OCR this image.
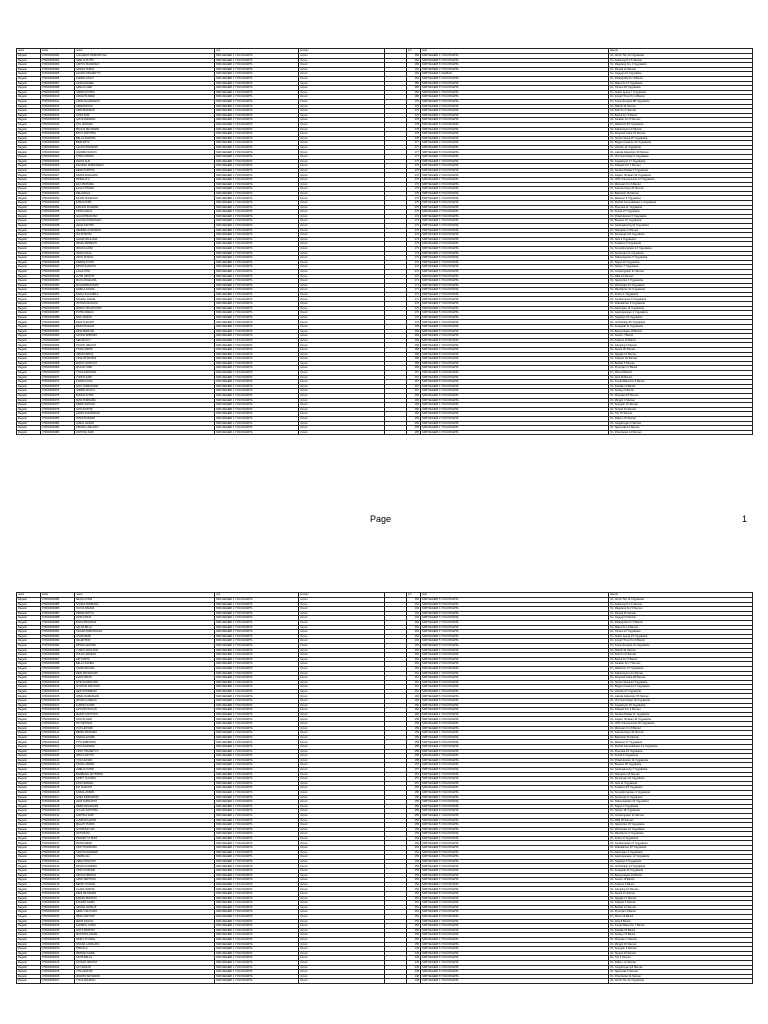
Jenis	Kode	nama	unit	jurusan		jml	asal	alamat
Reguler	070010000001	A RAHMAT FIRMANSYAH	SMA NEGERI 1 YOGYAKARTA	Umum		183	SMP NEGERI 1 YOGYAKARTA	Jln. Cik Di Tiro 10 Yogyakarta
Reguler	070010000002	ADELIA PUTRI	SMA NEGERI 1 YOGYAKARTA	Umum		182	SMP NEGERI 5 YOGYAKARTA	Jln. Kaliurang Km 5 Sleman
Reguler	070010000003	ADITYA NUGROHO	SMA NEGERI 1 YOGYAKARTA	Umum		182	SMP NEGERI 8 YOGYAKARTA	Jln. Magelang Km 4 Yogyakarta
Reguler	070010000004	AFIFAH NURUL	SMA NEGERI 1 YOGYAKARTA	Umum		181	SMP NEGERI 2 YOGYAKARTA	Jln. Monjali 12 Sleman
Reguler	070010000005	AGUNG PRASETYO	SMA NEGERI 1 YOGYAKARTA	Umum		181	SMP NEGERI 1 SLEMAN	Jln. Gejayan 21 Yogyakarta
Reguler	070010000006	AHMAD FAUZI	SMA NEGERI 1 YOGYAKARTA	Umum		181	SMP NEGERI 5 YOGYAKARTA	Jln. Parangtritis Km 3 Bantul
Reguler	070010000007	ALIFIA RAHMA	SMA NEGERI 1 YOGYAKARTA	Umum		180	SMP NEGERI 4 YOGYAKARTA	Jln. Wates Km 2 Yogyakarta
Reguler	070010000008	AMALIA SARI	SMA NEGERI 1 YOGYAKARTA	Umum		180	SMP NEGERI 8 YOGYAKARTA	Jln. Timoho 45 Yogyakarta
Reguler	070010000009	ANDIKA PUTRA	SMA NEGERI 1 YOGYAKARTA	Umum		180	SMP NEGERI 1 YOGYAKARTA	Jln. Sultan Agung 7 Yogyakarta
Reguler	070010000010	ANGGITA DEWI	SMA NEGERI 1 YOGYAKARTA	Umum		180	SMP NEGERI 6 YOGYAKARTA	Jln. Imogiri Timur Km 4 Bantul
Reguler	070010000011	ANISA RAHMAWATI	SMA NEGERI 1 YOGYAKARTA	Umum		179	SMP NEGERI 5 YOGYAKARTA	Jln. Kusumanegara 88 Yogyakarta
Reguler	070010000012	ARDIANSYAH	SMA NEGERI 1 YOGYAKARTA	Umum		179	SMP NEGERI 2 YOGYAKARTA	Jln. Affandi 10 Sleman
Reguler	070010000013	ARIF BUDIMAN	SMA NEGERI 1 YOGYAKARTA	Umum		179	SMP NEGERI 8 YOGYAKARTA	Jln. Solo Km 6 Sleman
Reguler	070010000014	ATIKA NUR	SMA NEGERI 1 YOGYAKARTA	Umum		179	SMP NEGERI 1 YOGYAKARTA	Jln. Bantul Km 3 Bantul
Reguler	070010000015	AULIA RAHMAN	SMA NEGERI 1 YOGYAKARTA	Umum		178	SMP NEGERI 9 YOGYAKARTA	Jln. Godean Km 5 Sleman
Reguler	070010000016	AYU LESTARI	SMA NEGERI 1 YOGYAKARTA	Umum		178	SMP NEGERI 5 YOGYAKARTA	Jln. Malioboro 50 Yogyakarta
Reguler	070010000017	BAGUS SETIAWAN	SMA NEGERI 1 YOGYAKARTA	Umum		178	SMP NEGERI 4 YOGYAKARTA	Jln. Kaliurang Km 9 Sleman
Reguler	070010000018	BAYU SAPUTRA	SMA NEGERI 1 YOGYAKARTA	Umum		178	SMP NEGERI 8 YOGYAKARTA	Jln. Ringroad Utara 15 Sleman
Reguler	070010000019	BELLA AMANDA	SMA NEGERI 1 YOGYAKARTA	Umum		178	SMP NEGERI 1 YOGYAKARTA	Jln. Taman Siswa 30 Yogyakarta
Reguler	070010000020	BIMA ARYA	SMA NEGERI 1 YOGYAKARTA	Umum		177	SMP NEGERI 2 YOGYAKARTA	Jln. Brigjen Katamso 22 Yogyakarta
Reguler	070010000021	CAHYA NINGRUM	SMA NEGERI 1 YOGYAKARTA	Umum		177	SMP NEGERI 5 YOGYAKARTA	Jln. Veteran 14 Yogyakarta
Reguler	070010000022	CANDRA WIJAYA	SMA NEGERI 1 YOGYAKARTA	Umum		177	SMP NEGERI 8 YOGYAKARTA	Jln. Laksda Adisucipto 40 Sleman
Reguler	070010000023	CITRA KIRANA	SMA NEGERI 1 YOGYAKARTA	Umum		177	SMP NEGERI 3 YOGYAKARTA	Jln. Urip Sumoharjo 9 Yogyakarta
Reguler	070010000024	DAFFA ALIF	SMA NEGERI 1 YOGYAKARTA	Umum		177	SMP NEGERI 1 YOGYAKARTA	Jln. Jogokaryan 17 Yogyakarta
Reguler	070010000025	DANANG KURNIAWAN	SMA NEGERI 1 YOGYAKARTA	Umum		176	SMP NEGERI 5 YOGYAKARTA	Jln. Palagan Km 7 Sleman
Reguler	070010000026	DEWI KARTIKA	SMA NEGERI 1 YOGYAKARTA	Umum		176	SMP NEGERI 8 YOGYAKARTA	Jln. Tentara Pelajar 5 Yogyakarta
Reguler	070010000027	DIMAS ANGGARA	SMA NEGERI 1 YOGYAKARTA	Umum		176	SMP NEGERI 2 YOGYAKARTA	Jln. Kapten Tendean 33 Yogyakarta
Reguler	070010000028	DINDA AYU	SMA NEGERI 1 YOGYAKARTA	Umum		176	SMP NEGERI 1 YOGYAKARTA	Jln. HOS Cokroaminoto 12 Yogyakarta
Reguler	070010000029	EKA PRATAMA	SMA NEGERI 1 YOGYAKARTA	Umum		176	SMP NEGERI 4 YOGYAKARTA	Jln. Wonosari Km 6 Bantul
Reguler	070010000030	ELSA FITRIANI	SMA NEGERI 1 YOGYAKARTA	Umum		175	SMP NEGERI 5 YOGYAKARTA	Jln. Seturan Raya 20 Sleman
Reguler	070010000031	ERLANGGA	SMA NEGERI 1 YOGYAKARTA	Umum		175	SMP NEGERI 8 YOGYAKARTA	Jln. Babarsari 18 Sleman
Reguler	070010000032	FAJAR NUGRAHA	SMA NEGERI 1 YOGYAKARTA	Umum		175	SMP NEGERI 1 YOGYAKARTA	Jln. Mataram 8 Yogyakarta
Reguler	070010000033	FARAH DIBA	SMA NEGERI 1 YOGYAKARTA	Umum		175	SMP NEGERI 6 YOGYAKARTA	Jln. Perintis Kemerdekaan 4 Yogyakarta
Reguler	070010000034	FATHUR ROHMAN	SMA NEGERI 1 YOGYAKARTA	Umum		175	SMP NEGERI 5 YOGYAKARTA	Jln. Pramuka 11 Yogyakarta
Reguler	070010000035	FIKRI HAIKAL	SMA NEGERI 1 YOGYAKARTA	Umum		174	SMP NEGERI 2 YOGYAKARTA	Jln. Kenari 27 Yogyakarta
Reguler	070010000036	GALIH PRAKOSO	SMA NEGERI 1 YOGYAKARTA	Umum		174	SMP NEGERI 8 YOGYAKARTA	Jln. Prawirotaman 6 Yogyakarta
Reguler	070010000037	GILANG RAMADHAN	SMA NEGERI 1 YOGYAKARTA	Umum		174	SMP NEGERI 1 YOGYAKARTA	Jln. Bugisan 19 Yogyakarta
Reguler	070010000038	HANA SAFITRI	SMA NEGERI 1 YOGYAKARTA	Umum		174	SMP NEGERI 4 YOGYAKARTA	Jln. Gedongkuning 24 Yogyakarta
Reguler	070010000039	HENDRA GUNAWAN	SMA NEGERI 1 YOGYAKARTA	Umum		174	SMP NEGERI 5 YOGYAKARTA	Jln. Nologaten 3 Sleman
Reguler	070010000040	IKA PUSPITA	SMA NEGERI 1 YOGYAKARTA	Umum		173	SMP NEGERI 8 YOGYAKARTA	Jln. Demangan 15 Yogyakarta
Reguler	070010000041	ILHAM MAULANA	SMA NEGERI 1 YOGYAKARTA	Umum		173	SMP NEGERI 1 YOGYAKARTA	Jln. Jetis 2 Yogyakarta
Reguler	070010000042	INDAH PERMATA	SMA NEGERI 1 YOGYAKARTA	Umum		173	SMP NEGERI 3 YOGYAKARTA	Jln. Kotabaru 9 Yogyakarta
Reguler	070010000043	IRFAN HAKIM	SMA NEGERI 1 YOGYAKARTA	Umum		173	SMP NEGERI 5 YOGYAKARTA	Jln. Suryodiningratan 13 Yogyakarta
Reguler	070010000044	JIHAN AULIA	SMA NEGERI 1 YOGYAKARTA	Umum		173	SMP NEGERI 2 YOGYAKARTA	Jln. Sorosutan 21 Yogyakarta
Reguler	070010000045	JOKO SUSILO	SMA NEGERI 1 YOGYAKARTA	Umum		172	SMP NEGERI 8 YOGYAKARTA	Jln. Pakuningratan 5 Yogyakarta
Reguler	070010000046	KARINA PUTRI	SMA NEGERI 1 YOGYAKARTA	Umum		172	SMP NEGERI 1 YOGYAKARTA	Jln. Sagan 16 Yogyakarta
Reguler	070010000047	KEVIN SANJAYA	SMA NEGERI 1 YOGYAKARTA	Umum		172	SMP NEGERI 4 YOGYAKARTA	Jln. Terban 7 Yogyakarta
Reguler	070010000048	LAILA FITRI	SMA NEGERI 1 YOGYAKARTA	Umum		172	SMP NEGERI 5 YOGYAKARTA	Jln. Condongcatur 31 Sleman
Reguler	070010000049	LUTFI HIDAYAT	SMA NEGERI 1 YOGYAKARTA	Umum		172	SMP NEGERI 8 YOGYAKARTA	Jln. Mlati 12 Sleman
Reguler	070010000050	MAYA ANGELINA	SMA NEGERI 1 YOGYAKARTA	Umum		171	SMP NEGERI 1 YOGYAKARTA	Jln. Ngampilan 4 Yogyakarta
Reguler	070010000051	MUHAMMAD RIZKI	SMA NEGERI 1 YOGYAKARTA	Umum		171	SMP NEGERI 6 YOGYAKARTA	Jln. Wirobrajan 10 Yogyakarta
Reguler	070010000052	NABILA ZAHRA	SMA NEGERI 1 YOGYAKARTA	Umum		171	SMP NEGERI 5 YOGYAKARTA	Jln. Mantrijeron 22 Yogyakarta
Reguler	070010000053	NADIA SALSABILA	SMA NEGERI 1 YOGYAKARTA	Umum		171	SMP NEGERI 2 YOGYAKARTA	Jln. Kraton 1 Yogyakarta
Reguler	070010000054	NAUFAL FADHIL	SMA NEGERI 1 YOGYAKARTA	Umum		171	SMP NEGERI 8 YOGYAKARTA	Jln. Gondomanan 6 Yogyakarta
Reguler	070010000055	OKTAVIA RAHAYU	SMA NEGERI 1 YOGYAKARTA	Umum		170	SMP NEGERI 1 YOGYAKARTA	Jln. Pakualaman 8 Yogyakarta
Reguler	070010000056	PANDU WICAKSONO	SMA NEGERI 1 YOGYAKARTA	Umum		170	SMP NEGERI 4 YOGYAKARTA	Jln. Danurejan 14 Yogyakarta
Reguler	070010000057	PUTRI AMELIA	SMA NEGERI 1 YOGYAKARTA	Umum		170	SMP NEGERI 5 YOGYAKARTA	Jln. Gedongtengen 3 Yogyakarta
Reguler	070010000058	RAFI AHMAD	SMA NEGERI 1 YOGYAKARTA	Umum		170	SMP NEGERI 8 YOGYAKARTA	Jln. Tegalrejo 19 Yogyakarta
Reguler	070010000059	RANI SUSANTI	SMA NEGERI 1 YOGYAKARTA	Umum		170	SMP NEGERI 1 YOGYAKARTA	Jln. Umbulharjo 25 Yogyakarta
Reguler	070010000060	REZA PAHLEVI	SMA NEGERI 1 YOGYAKARTA	Umum		169	SMP NEGERI 3 YOGYAKARTA	Jln. Kotagede 11 Yogyakarta
Reguler	070010000061	RINA MARLINA	SMA NEGERI 1 YOGYAKARTA	Umum		169	SMP NEGERI 5 YOGYAKARTA	Jln. Banguntapan 28 Bantul
Reguler	070010000062	SATRIA WIBOWO	SMA NEGERI 1 YOGYAKARTA	Umum		169	SMP NEGERI 2 YOGYAKARTA	Jln. Sewon 7 Bantul
Reguler	070010000063	SEKAR AYU	SMA NEGERI 1 YOGYAKARTA	Umum		169	SMP NEGERI 8 YOGYAKARTA	Jln. Kasihan 16 Bantul
Reguler	070010000064	TAUFIK HIDAYAT	SMA NEGERI 1 YOGYAKARTA	Umum		169	SMP NEGERI 1 YOGYAKARTA	Jln. Gamping 9 Sleman
Reguler	070010000065	TIARA ANDINI	SMA NEGERI 1 YOGYAKARTA	Umum		168	SMP NEGERI 4 YOGYAKARTA	Jln. Depok 30 Sleman
Reguler	070010000066	UMAR FARUQ	SMA NEGERI 1 YOGYAKARTA	Umum		168	SMP NEGERI 5 YOGYAKARTA	Jln. Ngaglik 13 Sleman
Reguler	070010000067	VINA OKTAVIANI	SMA NEGERI 1 YOGYAKARTA	Umum		168	SMP NEGERI 8 YOGYAKARTA	Jln. Kalasan 20 Sleman
Reguler	070010000068	WAHYU HIDAYAT	SMA NEGERI 1 YOGYAKARTA	Umum		168	SMP NEGERI 1 YOGYAKARTA	Jln. Berbah 5 Sleman
Reguler	070010000069	WULAN SARI	SMA NEGERI 1 YOGYAKARTA	Umum		168	SMP NEGERI 6 YOGYAKARTA	Jln. Piyungan 17 Bantul
Reguler	070010000070	YOGA PRATAMA	SMA NEGERI 1 YOGYAKARTA	Umum		167	SMP NEGERI 5 YOGYAKARTA	Jln. Pleret 8 Bantul
Reguler	070010000071	YUNITA SARI	SMA NEGERI 1 YOGYAKARTA	Umum		167	SMP NEGERI 2 YOGYAKARTA	Jln. Jetis 26 Bantul
Reguler	070010000072	ZAHRA AULIA	SMA NEGERI 1 YOGYAKARTA	Umum		167	SMP NEGERI 8 YOGYAKARTA	Jln. Imogiri Barat Km 5 Bantul
Reguler	070010000073	ZAKY RAMADHAN	SMA NEGERI 1 YOGYAKARTA	Umum		167	SMP NEGERI 1 YOGYAKARTA	Jln. Pandak 12 Bantul
Reguler	070010000074	ANDRE WIJAYA	SMA NEGERI 1 YOGYAKARTA	Umum		167	SMP NEGERI 4 YOGYAKARTA	Jln. Sedayu 6 Bantul
Reguler	070010000075	BUNGA CITRA	SMA NEGERI 1 YOGYAKARTA	Umum		166	SMP NEGERI 5 YOGYAKARTA	Jln. Moyudan 18 Sleman
Reguler	070010000076	DIAN PURNAMA	SMA NEGERI 1 YOGYAKARTA	Umum		166	SMP NEGERI 8 YOGYAKARTA	Jln. Minggir 4 Sleman
Reguler	070010000077	FERDI ANSYAH	SMA NEGERI 1 YOGYAKARTA	Umum		166	SMP NEGERI 1 YOGYAKARTA	Jln. Seyegan 23 Sleman
Reguler	070010000078	GITA SAVITRI	SMA NEGERI 1 YOGYAKARTA	Umum		166	SMP NEGERI 3 YOGYAKARTA	Jln. Tempel 10 Sleman
Reguler	070010000079	HARIS MUNANDAR	SMA NEGERI 1 YOGYAKARTA	Umum		166	SMP NEGERI 5 YOGYAKARTA	Jln. Turi 15 Sleman
Reguler	070010000080	INTAN NURAINI	SMA NEGERI 1 YOGYAKARTA	Umum		165	SMP NEGERI 2 YOGYAKARTA	Jln. Pakem 29 Sleman
Reguler	070010000081	JAMAL HASAN	SMA NEGERI 1 YOGYAKARTA	Umum		165	SMP NEGERI 8 YOGYAKARTA	Jln. Cangkringan 3 Sleman
Reguler	070010000082	KIRANA LARASATI	SMA NEGERI 1 YOGYAKARTA	Umum		165	SMP NEGERI 1 YOGYAKARTA	Jln. Ngemplak 14 Sleman
Reguler	070010000083	LINTANG SARI	SMA NEGERI 1 YOGYAKARTA	Umum		165	SMP NEGERI 4 YOGYAKARTA	Jln. Prambanan 21 Sleman
Page	1
Jenis	Kode	nama	unit	jurusan		jml	asal	alamat
Reguler	070010000084	MEGA UTAMI	SMA NEGERI 1 YOGYAKARTA	Umum		165	SMP NEGERI 5 YOGYAKARTA	Jln. Cik Di Tiro 12 Yogyakarta
Reguler	070010000085	NANDA PERMANA	SMA NEGERI 1 YOGYAKARTA	Umum		164	SMP NEGERI 8 YOGYAKARTA	Jln. Kaliurang Km 6 Sleman
Reguler	070010000086	OLIVIA RAHMA	SMA NEGERI 1 YOGYAKARTA	Umum		164	SMP NEGERI 1 YOGYAKARTA	Jln. Magelang Km 5 Sleman
Reguler	070010000087	PRIMA ADITYA	SMA NEGERI 1 YOGYAKARTA	Umum		164	SMP NEGERI 6 YOGYAKARTA	Jln. Monjali 20 Sleman
Reguler	070010000088	QORI AINUN	SMA NEGERI 1 YOGYAKARTA	Umum		164	SMP NEGERI 5 YOGYAKARTA	Jln. Gejayan 8 Sleman
Reguler	070010000089	RAKA PRADANA	SMA NEGERI 1 YOGYAKARTA	Umum		164	SMP NEGERI 2 YOGYAKARTA	Jln. Parangtritis Km 5 Bantul
Reguler	070010000090	SALSA BILLA	SMA NEGERI 1 YOGYAKARTA	Umum		163	SMP NEGERI 8 YOGYAKARTA	Jln. Wates Km 4 Sleman
Reguler	070010000091	TEGAR PAMUNGKAS	SMA NEGERI 1 YOGYAKARTA	Umum		163	SMP NEGERI 1 YOGYAKARTA	Jln. Timoho 12 Yogyakarta
Reguler	070010000092	UTARI DEWI	SMA NEGERI 1 YOGYAKARTA	Umum		163	SMP NEGERI 4 YOGYAKARTA	Jln. Sultan Agung 19 Yogyakarta
Reguler	070010000093	VALENTINO	SMA NEGERI 1 YOGYAKARTA	Umum		163	SMP NEGERI 5 YOGYAKARTA	Jln. Imogiri Timur Km 6 Bantul
Reguler	070010000094	WINDA LESTARI	SMA NEGERI 1 YOGYAKARTA	Umum		163	SMP NEGERI 8 YOGYAKARTA	Jln. Kusumanegara 41 Yogyakarta
Reguler	070010000095	YUSUF MAULANA	SMA NEGERI 1 YOGYAKARTA	Umum		162	SMP NEGERI 1 YOGYAKARTA	Jln. Affandi 33 Sleman
Reguler	070010000096	ZULFA HANIFAH	SMA NEGERI 1 YOGYAKARTA	Umum		162	SMP NEGERI 3 YOGYAKARTA	Jln. Solo Km 8 Sleman
Reguler	070010000097	ADI SURYA	SMA NEGERI 1 YOGYAKARTA	Umum		162	SMP NEGERI 5 YOGYAKARTA	Jln. Bantul Km 5 Bantul
Reguler	070010000098	BELLA SAFIRA	SMA NEGERI 1 YOGYAKARTA	Umum		162	SMP NEGERI 2 YOGYAKARTA	Jln. Godean Km 7 Sleman
Reguler	070010000099	CAKRA BUANA	SMA NEGERI 1 YOGYAKARTA	Umum		162	SMP NEGERI 8 YOGYAKARTA	Jln. Malioboro 72 Yogyakarta
Reguler	070010000100	DESI RATNASARI	SMA NEGERI 1 YOGYAKARTA	Umum		161	SMP NEGERI 1 YOGYAKARTA	Jln. Kaliurang Km 11 Sleman
Reguler	070010000101	EVAN DIMAS	SMA NEGERI 1 YOGYAKARTA	Umum		161	SMP NEGERI 4 YOGYAKARTA	Jln. Ringroad Utara 28 Sleman
Reguler	070010000102	FITRI HANDAYANI	SMA NEGERI 1 YOGYAKARTA	Umum		161	SMP NEGERI 5 YOGYAKARTA	Jln. Taman Siswa 44 Yogyakarta
Reguler	070010000103	GUNTUR SAPUTRA	SMA NEGERI 1 YOGYAKARTA	Umum		161	SMP NEGERI 8 YOGYAKARTA	Jln. Brigjen Katamso 9 Yogyakarta
Reguler	070010000104	HESTI PURWANI	SMA NEGERI 1 YOGYAKARTA	Umum		161	SMP NEGERI 1 YOGYAKARTA	Jln. Veteran 27 Yogyakarta
Reguler	070010000105	IQBAL RAMADHAN	SMA NEGERI 1 YOGYAKARTA	Umum		160	SMP NEGERI 6 YOGYAKARTA	Jln. Laksda Adisucipto 55 Sleman
Reguler	070010000106	JESSICA AMELIA	SMA NEGERI 1 YOGYAKARTA	Umum		160	SMP NEGERI 5 YOGYAKARTA	Jln. Urip Sumoharjo 18 Yogyakarta
Reguler	070010000107	KURNIA SANDI	SMA NEGERI 1 YOGYAKARTA	Umum		160	SMP NEGERI 2 YOGYAKARTA	Jln. Jogokaryan 30 Yogyakarta
Reguler	070010000108	LESTARI WULAN	SMA NEGERI 1 YOGYAKARTA	Umum		160	SMP NEGERI 8 YOGYAKARTA	Jln. Palagan Km 9 Sleman
Reguler	070010000109	MARIO SANTOSO	SMA NEGERI 1 YOGYAKARTA	Umum		160	SMP NEGERI 1 YOGYAKARTA	Jln. Tentara Pelajar 11 Yogyakarta
Reguler	070010000110	NOVITA SARI	SMA NEGERI 1 YOGYAKARTA	Umum		159	SMP NEGERI 4 YOGYAKARTA	Jln. Kapten Tendean 40 Yogyakarta
Reguler	070010000111	OKI SETIANA	SMA NEGERI 1 YOGYAKARTA	Umum		159	SMP NEGERI 5 YOGYAKARTA	Jln. HOS Cokroaminoto 25 Yogyakarta
Reguler	070010000112	PUJI LESTARI	SMA NEGERI 1 YOGYAKARTA	Umum		159	SMP NEGERI 8 YOGYAKARTA	Jln. Wonosari Km 8 Bantul
Reguler	070010000113	RENDI PRATAMA	SMA NEGERI 1 YOGYAKARTA	Umum		159	SMP NEGERI 1 YOGYAKARTA	Jln. Seturan Raya 36 Sleman
Reguler	070010000114	SARAH AZHARI	SMA NEGERI 1 YOGYAKARTA	Umum		159	SMP NEGERI 3 YOGYAKARTA	Jln. Babarsari 29 Sleman
Reguler	070010000115	TITO WIBISONO	SMA NEGERI 1 YOGYAKARTA	Umum		158	SMP NEGERI 5 YOGYAKARTA	Jln. Mataram 17 Yogyakarta
Reguler	070010000116	ULFA MARIANA	SMA NEGERI 1 YOGYAKARTA	Umum		158	SMP NEGERI 2 YOGYAKARTA	Jln. Perintis Kemerdekaan 13 Yogyakarta
Reguler	070010000117	VICKY PRASETYO	SMA NEGERI 1 YOGYAKARTA	Umum		158	SMP NEGERI 8 YOGYAKARTA	Jln. Pramuka 24 Yogyakarta
Reguler	070010000118	WIDYA ASTUTI	SMA NEGERI 1 YOGYAKARTA	Umum		158	SMP NEGERI 1 YOGYAKARTA	Jln. Kenari 5 Yogyakarta
Reguler	070010000119	YOGI ALFIAN	SMA NEGERI 1 YOGYAKARTA	Umum		158	SMP NEGERI 4 YOGYAKARTA	Jln. Prawirotaman 14 Yogyakarta
Reguler	070010000120	ZAINAL ABIDIN	SMA NEGERI 1 YOGYAKARTA	Umum		157	SMP NEGERI 5 YOGYAKARTA	Jln. Bugisan 28 Yogyakarta
Reguler	070010000121	AMELIA PUTRI	SMA NEGERI 1 YOGYAKARTA	Umum		157	SMP NEGERI 8 YOGYAKARTA	Jln. Gedongkuning 7 Yogyakarta
Reguler	070010000122	BAMBANG SUTRISNO	SMA NEGERI 1 YOGYAKARTA	Umum		157	SMP NEGERI 1 YOGYAKARTA	Jln. Nologaten 16 Sleman
Reguler	070010000123	CINDY CLAUDIA	SMA NEGERI 1 YOGYAKARTA	Umum		157	SMP NEGERI 6 YOGYAKARTA	Jln. Demangan 22 Yogyakarta
Reguler	070010000124	DODI IRAWAN	SMA NEGERI 1 YOGYAKARTA	Umum		157	SMP NEGERI 5 YOGYAKARTA	Jln. Jetis 11 Yogyakarta
Reguler	070010000125	EVI SUSANTI	SMA NEGERI 1 YOGYAKARTA	Umum		156	SMP NEGERI 2 YOGYAKARTA	Jln. Kotabaru 18 Yogyakarta
Reguler	070010000126	FAISAL AKBAR	SMA NEGERI 1 YOGYAKARTA	Umum		156	SMP NEGERI 8 YOGYAKARTA	Jln. Suryodiningratan 4 Yogyakarta
Reguler	070010000127	GHEA INDRAWARI	SMA NEGERI 1 YOGYAKARTA	Umum		156	SMP NEGERI 1 YOGYAKARTA	Jln. Sorosutan 9 Yogyakarta
Reguler	070010000128	HADI SUPRAPTO	SMA NEGERI 1 YOGYAKARTA	Umum		156	SMP NEGERI 4 YOGYAKARTA	Jln. Pakuningratan 13 Yogyakarta
Reguler	070010000129	INDRI ANGGRAINI	SMA NEGERI 1 YOGYAKARTA	Umum		156	SMP NEGERI 5 YOGYAKARTA	Jln. Sagan 4 Yogyakarta
Reguler	070010000130	JULIAN SAPUTRA	SMA NEGERI 1 YOGYAKARTA	Umum		155	SMP NEGERI 8 YOGYAKARTA	Jln. Terban 18 Yogyakarta
Reguler	070010000131	KARTIKA SARI	SMA NEGERI 1 YOGYAKARTA	Umum		155	SMP NEGERI 1 YOGYAKARTA	Jln. Condongcatur 12 Sleman
Reguler	070010000132	LUKMAN HAKIM	SMA NEGERI 1 YOGYAKARTA	Umum		155	SMP NEGERI 3 YOGYAKARTA	Jln. Mlati 25 Sleman
Reguler	070010000133	MELATI PUSPA	SMA NEGERI 1 YOGYAKARTA	Umum		155	SMP NEGERI 5 YOGYAKARTA	Jln. Ngampilan 15 Yogyakarta
Reguler	070010000134	NUGROHO ADI	SMA NEGERI 1 YOGYAKARTA	Umum		155	SMP NEGERI 2 YOGYAKARTA	Jln. Wirobrajan 21 Yogyakarta
Reguler	070010000135	OCTAVIANI	SMA NEGERI 1 YOGYAKARTA	Umum		154	SMP NEGERI 8 YOGYAKARTA	Jln. Mantrijeron 6 Yogyakarta
Reguler	070010000136	PRASETYO BUDI	SMA NEGERI 1 YOGYAKARTA	Umum		154	SMP NEGERI 1 YOGYAKARTA	Jln. Kraton 9 Yogyakarta
Reguler	070010000137	RATNA DEWI	SMA NEGERI 1 YOGYAKARTA	Umum		154	SMP NEGERI 4 YOGYAKARTA	Jln. Gondomanan 17 Yogyakarta
Reguler	070010000138	SIGIT PURNOMO	SMA NEGERI 1 YOGYAKARTA	Umum		154	SMP NEGERI 5 YOGYAKARTA	Jln. Pakualaman 20 Yogyakarta
Reguler	070010000139	TARI WULANDARI	SMA NEGERI 1 YOGYAKARTA	Umum		154	SMP NEGERI 8 YOGYAKARTA	Jln. Danurejan 3 Yogyakarta
Reguler	070010000140	USMAN ALI	SMA NEGERI 1 YOGYAKARTA	Umum		153	SMP NEGERI 1 YOGYAKARTA	Jln. Gedongtengen 12 Yogyakarta
Reguler	070010000141	VERA NOVIANTI	SMA NEGERI 1 YOGYAKARTA	Umum		153	SMP NEGERI 6 YOGYAKARTA	Jln. Tegalrejo 8 Yogyakarta
Reguler	070010000142	WISNU HARDIAN	SMA NEGERI 1 YOGYAKARTA	Umum		153	SMP NEGERI 5 YOGYAKARTA	Jln. Umbulharjo 14 Yogyakarta
Reguler	070010000143	YANTI KUSUMA	SMA NEGERI 1 YOGYAKARTA	Umum		153	SMP NEGERI 2 YOGYAKARTA	Jln. Kotagede 23 Yogyakarta
Reguler	070010000144	ZIDAN FIRDAUS	SMA NEGERI 1 YOGYAKARTA	Umum		153	SMP NEGERI 8 YOGYAKARTA	Jln. Banguntapan 10 Bantul
Reguler	070010000145	ARINI SEPTIANI	SMA NEGERI 1 YOGYAKARTA	Umum		152	SMP NEGERI 1 YOGYAKARTA	Jln. Sewon 19 Bantul
Reguler	070010000146	BENNY KURNIA	SMA NEGERI 1 YOGYAKARTA	Umum		152	SMP NEGERI 4 YOGYAKARTA	Jln. Kasihan 5 Bantul
Reguler	070010000147	CLARA SHINTA	SMA NEGERI 1 YOGYAKARTA	Umum		152	SMP NEGERI 5 YOGYAKARTA	Jln. Gamping 21 Sleman
Reguler	070010000148	DENI SETIAWAN	SMA NEGERI 1 YOGYAKARTA	Umum		152	SMP NEGERI 8 YOGYAKARTA	Jln. Depok 11 Sleman
Reguler	070010000149	ENDAH PRATIWI	SMA NEGERI 1 YOGYAKARTA	Umum		152	SMP NEGERI 1 YOGYAKARTA	Jln. Ngaglik 27 Sleman
Reguler	070010000150	FAUZAN AZIMA	SMA NEGERI 1 YOGYAKARTA	Umum		151	SMP NEGERI 3 YOGYAKARTA	Jln. Kalasan 6 Sleman
Reguler	070010000151	GRACE NATALIA	SMA NEGERI 1 YOGYAKARTA	Umum		151	SMP NEGERI 5 YOGYAKARTA	Jln. Berbah 14 Sleman
Reguler	070010000152	HERU CAHYONO	SMA NEGERI 1 YOGYAKARTA	Umum		151	SMP NEGERI 2 YOGYAKARTA	Jln. Piyungan 3 Bantul
Reguler	070010000153	IRMA SURYANI	SMA NEGERI 1 YOGYAKARTA	Umum		151	SMP NEGERI 8 YOGYAKARTA	Jln. Pleret 19 Bantul
Reguler	070010000154	JEFRI NICHOL	SMA NEGERI 1 YOGYAKARTA	Umum		151	SMP NEGERI 1 YOGYAKARTA	Jln. Jetis 8 Bantul
Reguler	070010000155	KHOIRUL ANAM	SMA NEGERI 1 YOGYAKARTA	Umum		150	SMP NEGERI 4 YOGYAKARTA	Jln. Imogiri Barat Km 7 Bantul
Reguler	070010000156	LIDYA PRATIWI	SMA NEGERI 1 YOGYAKARTA	Umum		150	SMP NEGERI 5 YOGYAKARTA	Jln. Pandak 25 Bantul
Reguler	070010000157	MUSTOFA KAMAL	SMA NEGERI 1 YOGYAKARTA	Umum		150	SMP NEGERI 8 YOGYAKARTA	Jln. Sedayu 15 Bantul
Reguler	070010000158	NINDY AYUNDA	SMA NEGERI 1 YOGYAKARTA	Umum		150	SMP NEGERI 1 YOGYAKARTA	Jln. Moyudan 7 Sleman
Reguler	070010000159	OSCAR LAWALATA	SMA NEGERI 1 YOGYAKARTA	Umum		150	SMP NEGERI 6 YOGYAKARTA	Jln. Minggir 16 Sleman
Reguler	070010000160	PRICILLA	SMA NEGERI 1 YOGYAKARTA	Umum		149	SMP NEGERI 5 YOGYAKARTA	Jln. Seyegan 9 Sleman
Reguler	070010000161	RIDWAN KAMIL	SMA NEGERI 1 YOGYAKARTA	Umum		149	SMP NEGERI 2 YOGYAKARTA	Jln. Tempel 24 Sleman
Reguler	070010000162	SINTA BELLA	SMA NEGERI 1 YOGYAKARTA	Umum		149	SMP NEGERI 8 YOGYAKARTA	Jln. Turi 4 Sleman
Reguler	070010000163	TAUFAN HIDAYAT	SMA NEGERI 1 YOGYAKARTA	Umum		149	SMP NEGERI 1 YOGYAKARTA	Jln. Pakem 13 Sleman
Reguler	070010000164	UCI SANUSI	SMA NEGERI 1 YOGYAKARTA	Umum		149	SMP NEGERI 4 YOGYAKARTA	Jln. Cangkringan 18 Sleman
Reguler	070010000165	VITA LESTARI	SMA NEGERI 1 YOGYAKARTA	Umum		148	SMP NEGERI 5 YOGYAKARTA	Jln. Ngemplak 6 Sleman
Reguler	070010000166	WAWAN SETIAWAN	SMA NEGERI 1 YOGYAKARTA	Umum		148	SMP NEGERI 8 YOGYAKARTA	Jln. Prambanan 11 Sleman
Reguler	070010000167	YULIA RAHMAN	SMA NEGERI 1 YOGYAKARTA	Umum		148	SMP NEGERI 1 YOGYAKARTA	Jln. Cik Di Tiro 20 Yogyakarta
